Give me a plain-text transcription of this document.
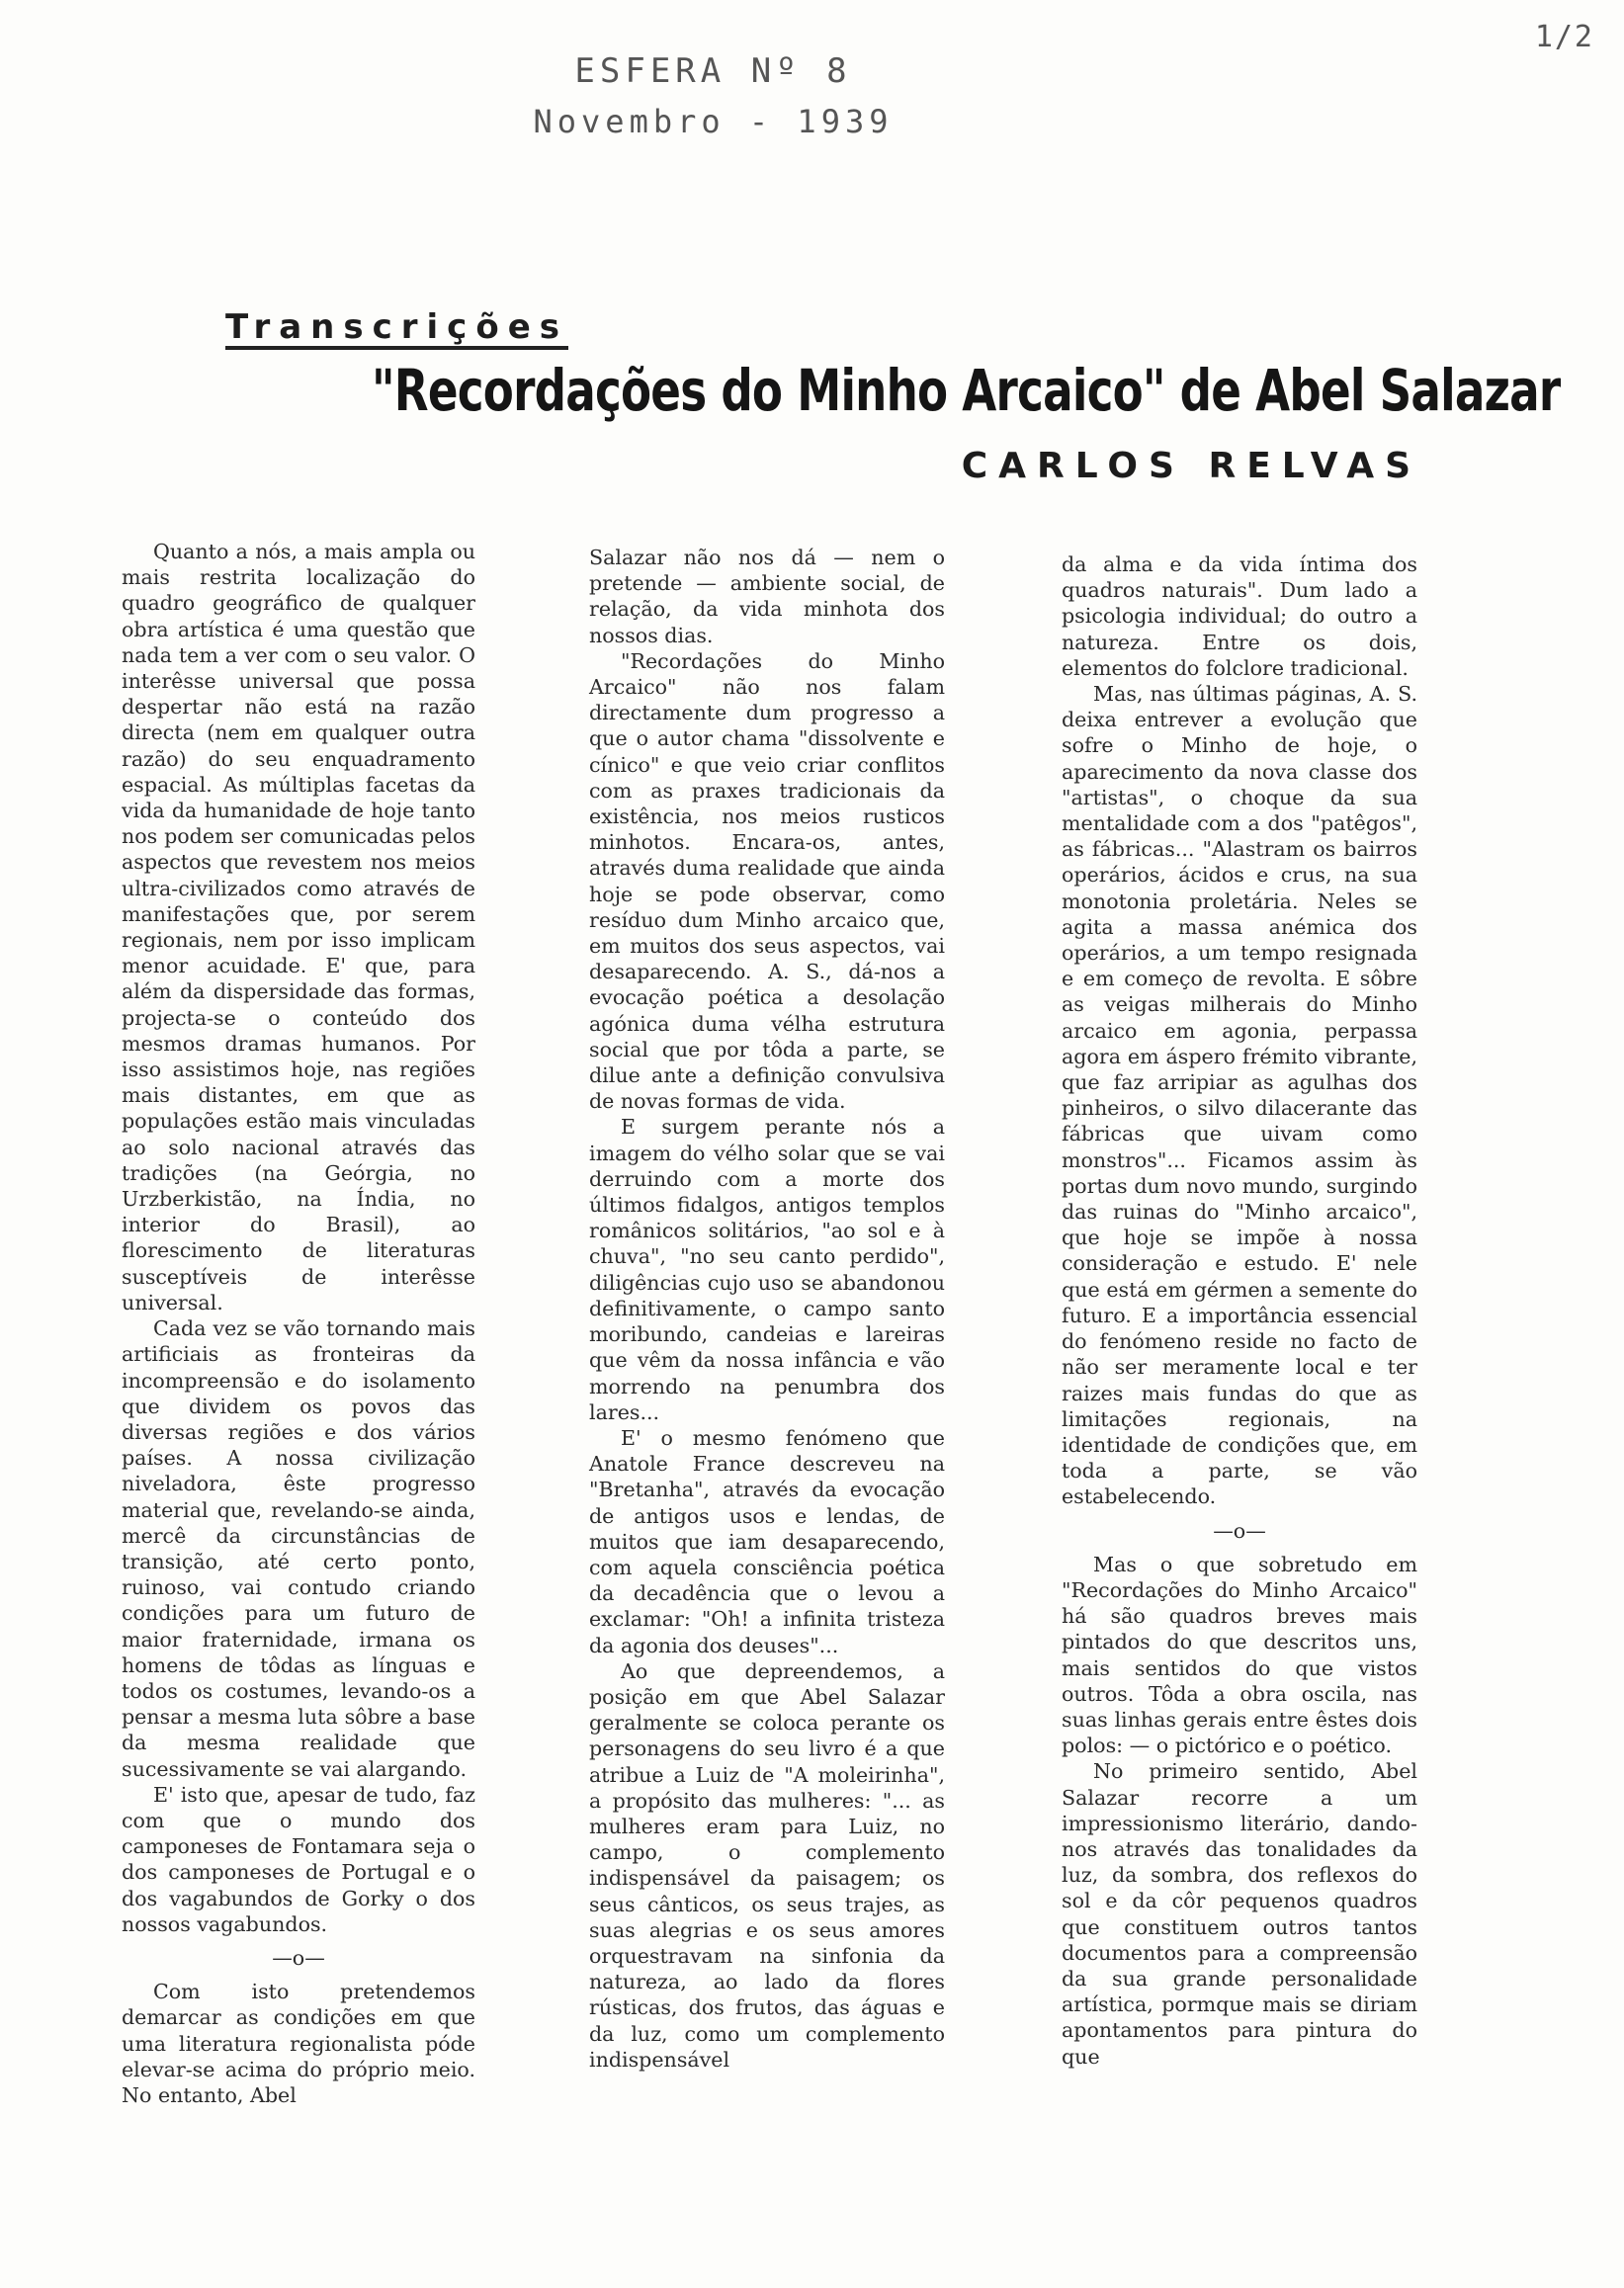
1/2
ESFERA Nº 8
Novembro - 1939
Transcrições
"Recordações do Minho Arcaico" de Abel Salazar
CARLOS RELVAS

Quanto a nós, a mais ampla ou mais restrita localização do quadro geográfico de qualquer obra artística é uma questão que nada tem a ver com o seu valor. O interêsse universal que possa despertar não está na razão directa (nem em qualquer outra razão) do seu enquadramento espacial. As múltiplas facetas da vida da humanidade de hoje tanto nos podem ser comunicadas pelos aspectos que revestem nos meios ultra-civilizados como através de manifestações que, por serem regionais, nem por isso implicam menor acuidade. E' que, para além da dispersidade das formas, projecta-se o conteúdo dos mesmos dramas humanos. Por isso assistimos hoje, nas regiões mais distantes, em que as populações estão mais vinculadas ao solo nacional através das tradições (na Geórgia, no Urzberkistão, na Índia, no interior do Brasil), ao florescimento de literaturas susceptíveis de interêsse universal.

Cada vez se vão tornando mais artificiais as fronteiras da incompreensão e do isolamento que dividem os povos das diversas regiões e dos vários países. A nossa civilização niveladora, êste progresso material que, revelando-se ainda, mercê da circunstâncias de transição, até certo ponto, ruinoso, vai contudo criando condições para um futuro de maior fraternidade, irmana os homens de tôdas as línguas e todos os costumes, levando-os a pensar a mesma luta sôbre a base da mesma realidade que sucessivamente se vai alargando.

E' isto que, apesar de tudo, faz com que o mundo dos camponeses de Fontamara seja o dos camponeses de Portugal e o dos vagabundos de Gorky o dos nossos vagabundos.

—o—

Com isto pretendemos demarcar as condições em que uma literatura regionalista póde elevar-se acima do próprio meio. No entanto, Abel

Salazar não nos dá — nem o pretende — ambiente social, de relação, da vida minhota dos nossos dias.

"Recordações do Minho Arcaico" não nos falam directamente dum progresso a que o autor chama "dissolvente e cínico" e que veio criar conflitos com as praxes tradicionais da existência, nos meios rusticos minhotos. Encara-os, antes, através duma realidade que ainda hoje se pode observar, como resíduo dum Minho arcaico que, em muitos dos seus aspectos, vai desaparecendo. A. S., dá-nos a evocação poética a desolação agónica duma vélha estrutura social que por tôda a parte, se dilue ante a definição convulsiva de novas formas de vida.

E surgem perante nós a imagem do vélho solar que se vai derruindo com a morte dos últimos fidalgos, antigos templos românicos solitários, "ao sol e à chuva", "no seu canto perdido", diligências cujo uso se abandonou definitivamente, o campo santo moribundo, candeias e lareiras que vêm da nossa infância e vão morrendo na penumbra dos lares...

E' o mesmo fenómeno que Anatole France descreveu na "Bretanha", através da evocação de antigos usos e lendas, de muitos que iam desaparecendo, com aquela consciência poética da decadência que o levou a exclamar: "Oh! a infinita tristeza da agonia dos deuses"...

Ao que depreendemos, a posição em que Abel Salazar geralmente se coloca perante os personagens do seu livro é a que atribue a Luiz de "A moleirinha", a propósito das mulheres: "... as mulheres eram para Luiz, no campo, o complemento indispensável da paisagem; os seus cânticos, os seus trajes, as suas alegrias e os seus amores orquestravam na sinfonia da natureza, ao lado da flores rústicas, dos frutos, das águas e da luz, como um complemento indispensável

da alma e da vida íntima dos quadros naturais". Dum lado a psicologia individual; do outro a natureza. Entre os dois, elementos do folclore tradicional.

Mas, nas últimas páginas, A. S. deixa entrever a evolução que sofre o Minho de hoje, o aparecimento da nova classe dos "artistas", o choque da sua mentalidade com a dos "patêgos", as fábricas... "Alastram os bairros operários, ácidos e crus, na sua monotonia proletária. Neles se agita a massa anémica dos operários, a um tempo resignada e em começo de revolta. E sôbre as veigas milherais do Minho arcaico em agonia, perpassa agora em áspero frémito vibrante, que faz arripiar as agulhas dos pinheiros, o silvo dilacerante das fábricas que uivam como monstros"... Ficamos assim às portas dum novo mundo, surgindo das ruinas do "Minho arcaico", que hoje se impõe à nossa consideração e estudo. E' nele que está em gérmen a semente do futuro. E a importância essencial do fenómeno reside no facto de não ser meramente local e ter raizes mais fundas do que as limitações regionais, na identidade de condições que, em toda a parte, se vão estabelecendo.

—o—

Mas o que sobretudo em "Recordações do Minho Arcaico" há são quadros breves mais pintados do que descritos uns, mais sentidos do que vistos outros. Tôda a obra oscila, nas suas linhas gerais entre êstes dois polos: — o pictórico e o poético.

No primeiro sentido, Abel Salazar recorre a um impressionismo literário, dando-nos através das tonalidades da luz, da sombra, dos reflexos do sol e da côr pequenos quadros que constituem outros tantos documentos para a compreensão da sua grande personalidade artística, pormque mais se diriam apontamentos para pintura do que
